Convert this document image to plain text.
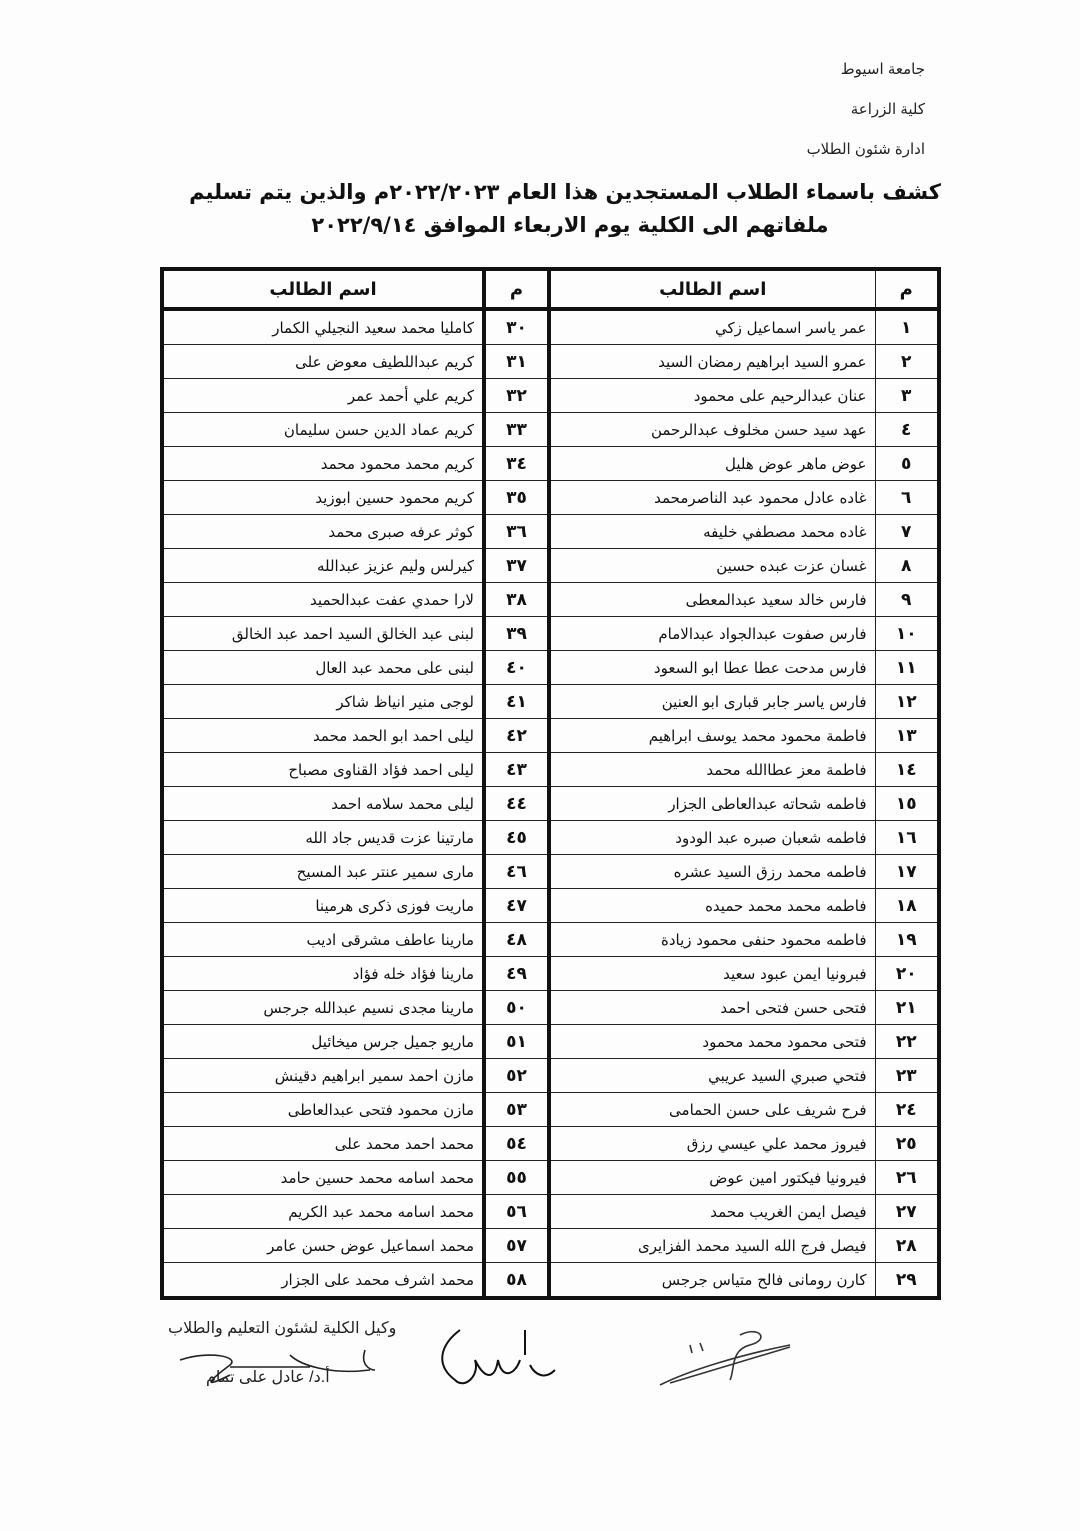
جامعة اسيوط
كلية الزراعة
ادارة شئون الطلاب
كشف باسماء الطلاب المستجدين هذا العام ٢٠٢٢/٢٠٢٣م والذين يتم تسليم
ملفاتهم الى الكلية يوم الاربعاء الموافق ٢٠٢٢/٩/١٤
اسم الطالب	م	اسم الطالب	م
كامليا محمد سعيد النجيلي الكمار	٣٠	عمر ياسر اسماعيل زكي	١
كريم عبداللطيف معوض على	٣١	عمرو السيد ابراهيم رمضان السيد	٢
كريم علي أحمد عمر	٣٢	عنان عبدالرحيم على محمود	٣
كريم عماد الدين حسن سليمان	٣٣	عهد سيد حسن مخلوف عبدالرحمن	٤
كريم محمد محمود محمد	٣٤	عوض ماهر عوض هليل	٥
كريم محمود حسين ابوزيد	٣٥	غاده عادل محمود عبد الناصرمحمد	٦
كوثر عرفه صبرى محمد	٣٦	غاده محمد مصطفي خليفه	٧
كيرلس وليم عزيز عبدالله	٣٧	غسان عزت عبده حسين	٨
لارا حمدي عفت عبدالحميد	٣٨	فارس خالد سعيد عبدالمعطى	٩
لبنى عبد الخالق السيد احمد عبد الخالق	٣٩	فارس صفوت عبدالجواد عبدالامام	١٠
لبنى على محمد عبد العال	٤٠	فارس مدحت عطا عطا ابو السعود	١١
لوجى منير انياظ شاكر	٤١	فارس ياسر جابر قبارى ابو العنين	١٢
ليلى احمد ابو الحمد محمد	٤٢	فاطمة محمود محمد يوسف ابراهيم	١٣
ليلى احمد فؤاد القناوى مصباح	٤٣	فاطمة معز عطاالله محمد	١٤
ليلى محمد سلامه احمد	٤٤	فاطمه شحاته عبدالعاطى الجزار	١٥
مارتينا عزت قديس جاد الله	٤٥	فاطمه شعبان صبره عبد الودود	١٦
مارى سمير عنتر عبد المسيح	٤٦	فاطمه محمد رزق السيد عشره	١٧
ماريت فوزى ذكرى هرمينا	٤٧	فاطمه محمد محمد حميده	١٨
مارينا عاطف مشرقى اديب	٤٨	فاطمه محمود حنفى محمود زيادة	١٩
مارينا فؤاد خله فؤاد	٤٩	فبرونيا ايمن عبود سعيد	٢٠
مارينا مجدى نسيم عبدالله جرجس	٥٠	فتحى حسن فتحى احمد	٢١
ماريو جميل جرس ميخائيل	٥١	فتحى محمود محمد محمود	٢٢
مازن احمد سمير ابراهيم دقينش	٥٢	فتحي صبري السيد عريبي	٢٣
مازن محمود فتحى عبدالعاطى	٥٣	فرح شريف على حسن الحمامى	٢٤
محمد احمد محمد على	٥٤	فيروز محمد علي عيسي رزق	٢٥
محمد اسامه محمد حسين حامد	٥٥	فيرونيا فيكتور امين عوض	٢٦
محمد اسامه محمد عبد الكريم	٥٦	فيصل ايمن الغريب محمد	٢٧
محمد اسماعيل عوض حسن عامر	٥٧	فيصل فرج الله السيد محمد الفزايرى	٢٨
محمد اشرف محمد على الجزار	٥٨	كارن رومانى فالح متياس جرجس	٢٩
وكيل الكلية لشئون التعليم والطلاب
أ.د/ عادل على تمام
